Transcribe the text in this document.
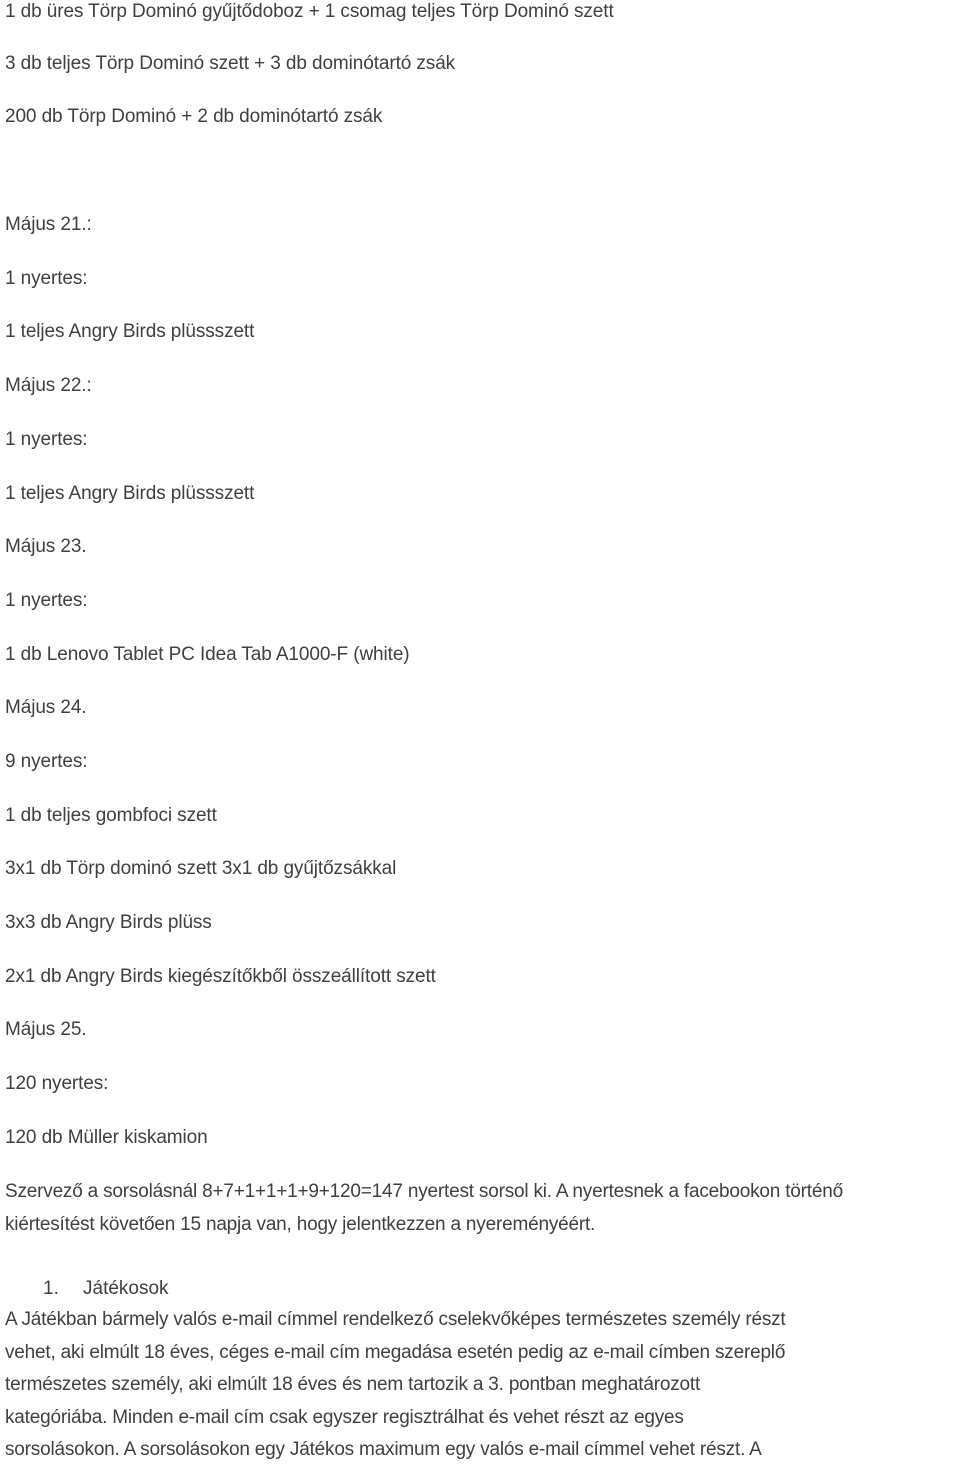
1 db üres Törp Dominó gyűjtődoboz + 1 csomag teljes Törp Dominó szett
3 db teljes Törp Dominó szett + 3 db dominótartó zsák
200 db Törp Dominó + 2 db dominótartó zsák
Május 21.:
1 nyertes:
1 teljes Angry Birds plüssszett
Május 22.:
1 nyertes:
1 teljes Angry Birds plüssszett
Május 23.
1 nyertes:
1 db Lenovo Tablet PC Idea Tab A1000-F (white)
Május 24.
9 nyertes:
1 db teljes gombfoci szett
3x1 db Törp dominó szett 3x1 db gyűjtőzsákkal
3x3 db Angry Birds plüss
2x1 db Angry Birds kiegészítőkből összeállított szett
Május 25.
120 nyertes:
120 db Müller kiskamion
Szervező a sorsolásnál 8+7+1+1+1+9+120=147 nyertest sorsol ki. A nyertesnek a facebookon történő
kiértesítést követően 15 napja van, hogy jelentkezzen a nyereményéért.
1. Játékosok
A Játékban bármely valós e-mail címmel rendelkező cselekvőképes természetes személy részt
vehet, aki elmúlt 18 éves, céges e-mail cím megadása esetén pedig az e-mail címben szereplő
természetes személy, aki elmúlt 18 éves és nem tartozik a 3. pontban meghatározott
kategóriába. Minden e-mail cím csak egyszer regisztrálhat és vehet részt az egyes
sorsolásokon. A sorsolásokon egy Játékos maximum egy valós e-mail címmel vehet részt. A
